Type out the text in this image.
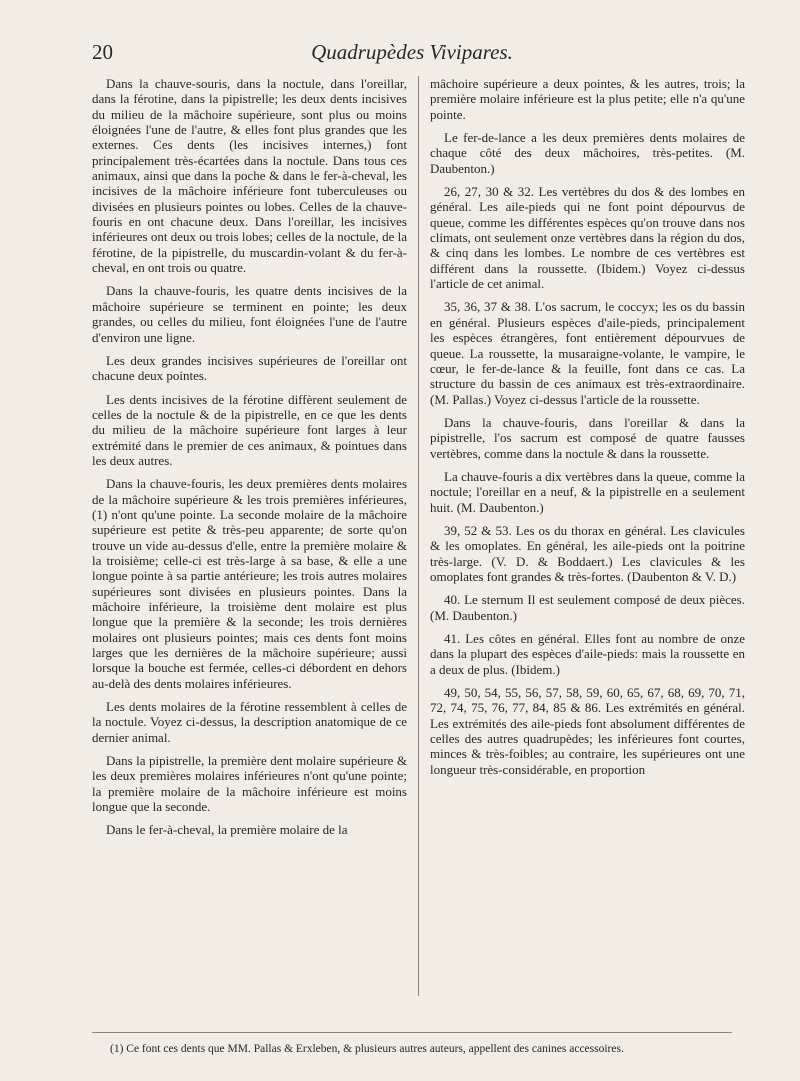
20	Quadrupèdes Vivipares.

Dans la chauve-souris, dans la noctule, dans l'oreillar, dans la férotine, dans la pipistrelle; les deux dents incisives du milieu de la mâchoire supérieure, sont plus ou moins éloignées l'une de l'autre, & elles font plus grandes que les externes. Ces dents (les incisives internes,) font principalement très-écartées dans la noctule. Dans tous ces animaux, ainsi que dans la poche & dans le fer-à-cheval, les incisives de la mâchoire inférieure font tuberculeuses ou divisées en plusieurs pointes ou lobes. Celles de la chauve-fouris en ont chacune deux. Dans l'oreillar, les incisives inférieures ont deux ou trois lobes; celles de la noctule, de la férotine, de la pipistrelle, du muscardin-volant & du fer-à-cheval, en ont trois ou quatre.

Dans la chauve-fouris, les quatre dents incisives de la mâchoire supérieure se terminent en pointe; les deux grandes, ou celles du milieu, font éloignées l'une de l'autre d'environ une ligne.

Les deux grandes incisives supérieures de l'oreillar ont chacune deux pointes.

Les dents incisives de la férotine diffèrent seulement de celles de la noctule & de la pipistrelle, en ce que les dents du milieu de la mâchoire supérieure font larges à leur extrémité dans le premier de ces animaux, & pointues dans les deux autres.

Dans la chauve-fouris, les deux premières dents molaires de la mâchoire supérieure & les trois premières inférieures, (1) n'ont qu'une pointe. La seconde molaire de la mâchoire supérieure est petite & très-peu apparente; de sorte qu'on trouve un vide au-dessus d'elle, entre la première molaire & la troisième; celle-ci est très-large à sa base, & elle a une longue pointe à sa partie antérieure; les trois autres molaires supérieures sont divisées en plusieurs pointes. Dans la mâchoire inférieure, la troisième dent molaire est plus longue que la première & la seconde; les trois dernières molaires ont plusieurs pointes; mais ces dents font moins larges que les dernières de la mâchoire supérieure; aussi lorsque la bouche est fermée, celles-ci débordent en dehors au-delà des dents molaires inférieures.

Les dents molaires de la férotine ressemblent à celles de la noctule. Voyez ci-dessus, la description anatomique de ce dernier animal.

Dans la pipistrelle, la première dent molaire supérieure & les deux premières molaires inférieures n'ont qu'une pointe; la première molaire de la mâchoire inférieure est moins longue que la seconde.

Dans le fer-à-cheval, la première molaire de la

mâchoire supérieure a deux pointes, & les autres, trois; la première molaire inférieure est la plus petite; elle n'a qu'une pointe.

Le fer-de-lance a les deux premières dents molaires de chaque côté des deux mâchoires, très-petites. (M. Daubenton.)

26, 27, 30 & 32. Les vertèbres du dos & des lombes en général. Les aile-pieds qui ne font point dépourvus de queue, comme les différentes espèces qu'on trouve dans nos climats, ont seulement onze vertèbres dans la région du dos, & cinq dans les lombes. Le nombre de ces vertèbres est différent dans la roussette. (Ibidem.) Voyez ci-dessus l'article de cet animal.

35, 36, 37 & 38. L'os sacrum, le coccyx; les os du bassin en général. Plusieurs espèces d'aile-pieds, principalement les espèces étrangères, font entièrement dépourvues de queue. La roussette, la musaraigne-volante, le vampire, le cœur, le fer-de-lance & la feuille, font dans ce cas. La structure du bassin de ces animaux est très-extraordinaire. (M. Pallas.) Voyez ci-dessus l'article de la roussette.

Dans la chauve-fouris, dans l'oreillar & dans la pipistrelle, l'os sacrum est composé de quatre fausses vertèbres, comme dans la noctule & dans la roussette.

La chauve-fouris a dix vertèbres dans la queue, comme la noctule; l'oreillar en a neuf, & la pipistrelle en a seulement huit. (M. Daubenton.)

39, 52 & 53. Les os du thorax en général. Les clavicules & les omoplates. En général, les aile-pieds ont la poitrine très-large. (V. D. & Boddaert.) Les clavicules & les omoplates font grandes & très-fortes. (Daubenton & V. D.)

40. Le sternum Il est seulement composé de deux pièces. (M. Daubenton.)

41. Les côtes en général. Elles font au nombre de onze dans la plupart des espèces d'aile-pieds: mais la roussette en a deux de plus. (Ibidem.)

49, 50, 54, 55, 56, 57, 58, 59, 60, 65, 67, 68, 69, 70, 71, 72, 74, 75, 76, 77, 84, 85 & 86. Les extrémités en général. Les extrémités des aile-pieds font absolument différentes de celles des autres quadrupèdes; les inférieures font courtes, minces & très-foibles; au contraire, les supérieures ont une longueur très-considérable, en proportion

(1) Ce font ces dents que MM. Pallas & Erxleben, & plusieurs autres auteurs, appellent des canines accessoires.
